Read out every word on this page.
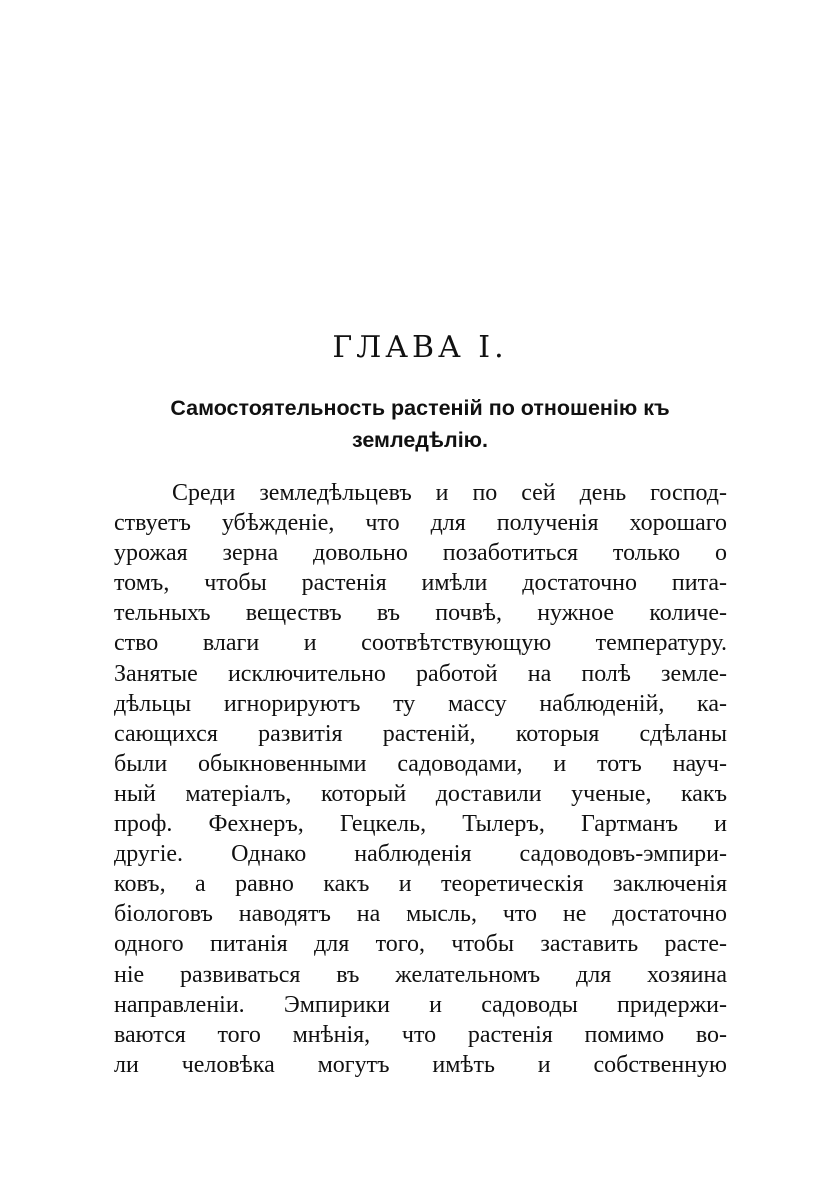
ГЛАВА I.
Самостоятельность растеній по отношенію къ
земледѣлію.
Среди земледѣльцевъ и по сей день господ-
ствуетъ убѣжденіе, что для полученія хорошаго
урожая зерна довольно позаботиться только о
томъ, чтобы растенія имѣли достаточно пита-
тельныхъ веществъ въ почвѣ, нужное количе-
ство влаги и соотвѣтствующую температуру.
Занятые исключительно работой на полѣ земле-
дѣльцы игнорируютъ ту массу наблюденій, ка-
сающихся развитія растеній, которыя сдѣланы
были обыкновенными садоводами, и тотъ науч-
ный матеріалъ, который доставили ученые, какъ
проф. Фехнеръ, Гецкель, Тылеръ, Гартманъ и
другіе. Однако наблюденія садоводовъ-эмпири-
ковъ, а равно какъ и теоретическія заключенія
біологовъ наводятъ на мысль, что не достаточно
одного питанія для того, чтобы заставить расте-
ніе развиваться въ желательномъ для хозяина
направленіи. Эмпирики и садоводы придержи-
ваются того мнѣнія, что растенія помимо во-
ли человѣка могутъ имѣть и собственную
